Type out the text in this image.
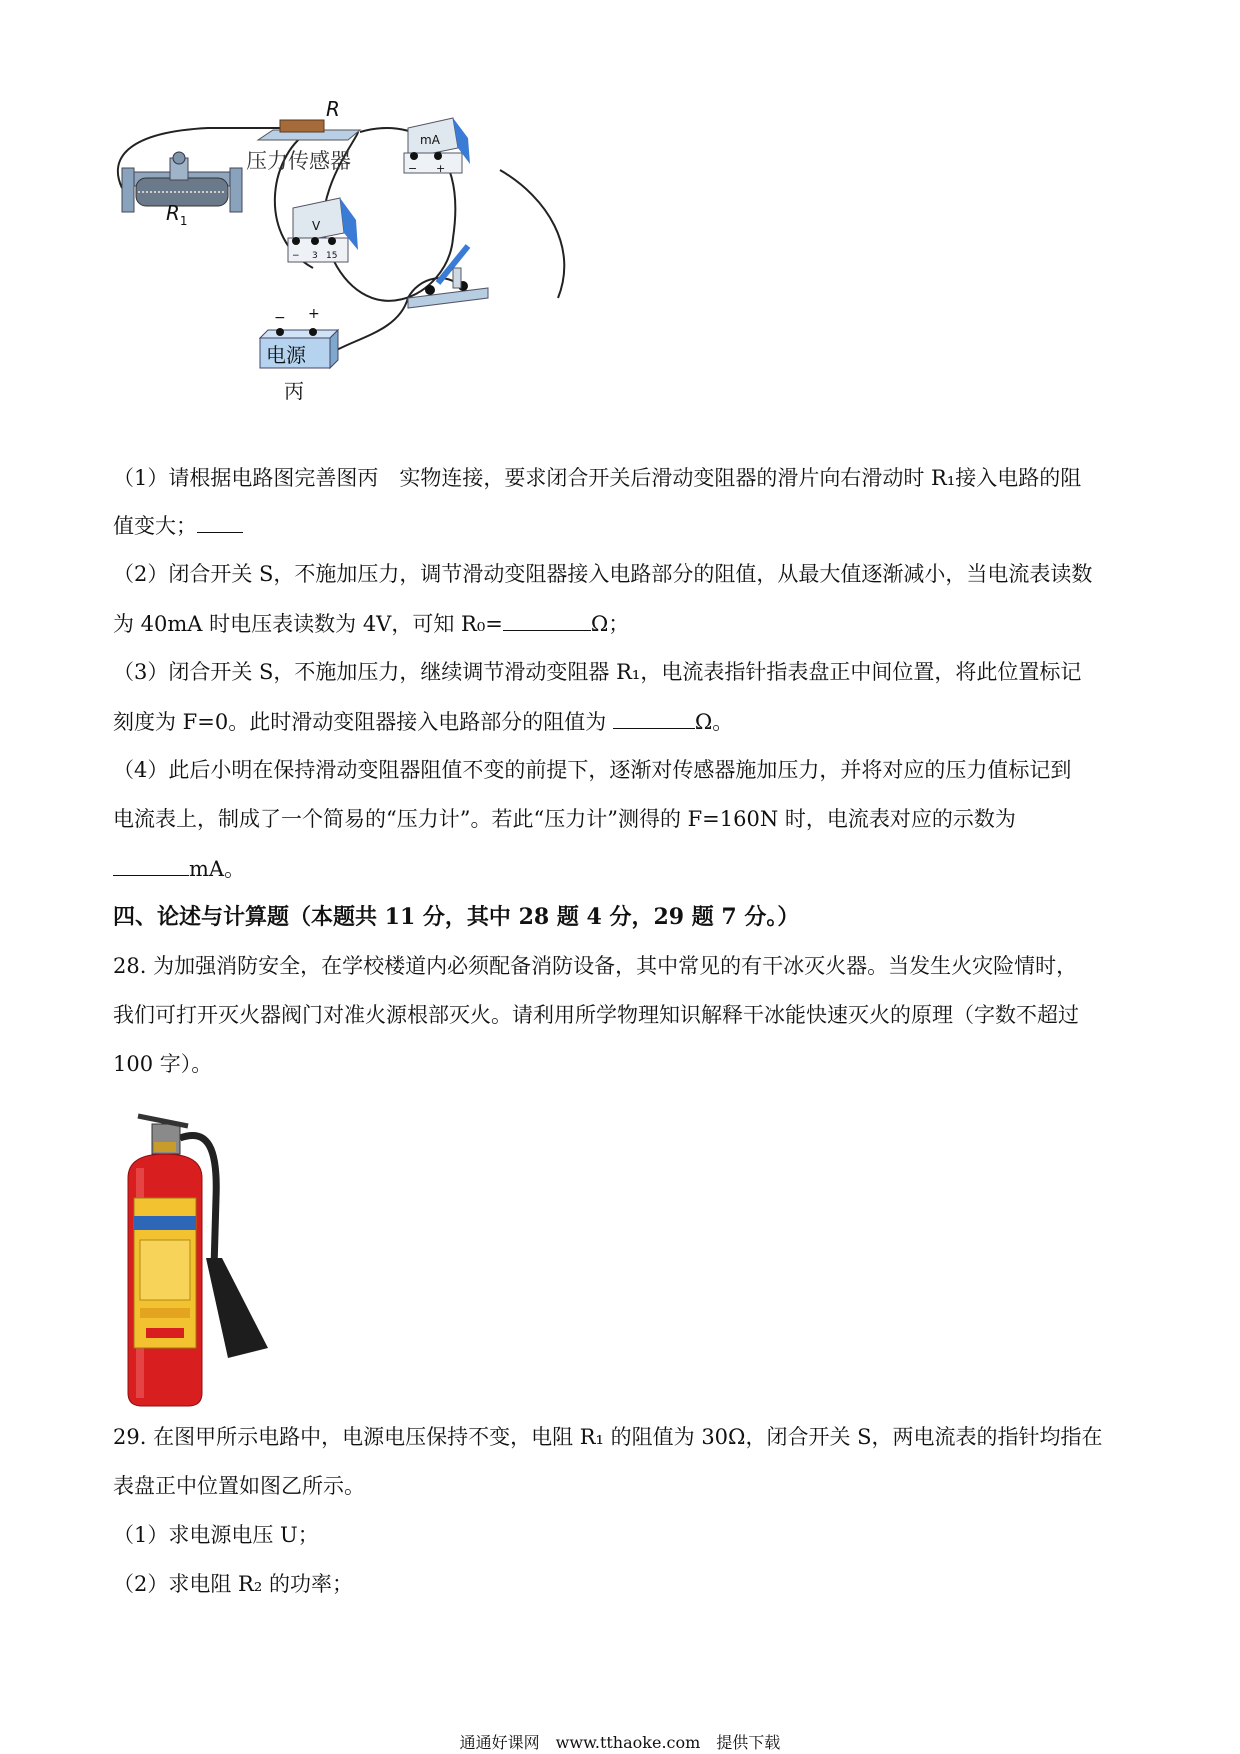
R
压力传感器
$R_1$
mA
− +
V
− 3 15
− +
电源
丙
（1）请根据电路图完善图丙　实物连接，要求闭合开关后滑动变阻器的滑片向右滑动时 R₁接入电路的阻
值变大；
（2）闭合开关 S，不施加压力，调节滑动变阻器接入电路部分的阻值，从最大值逐渐减小，当电流表读数
为 40mA 时电压表读数为 4V，可知 R₀=	Ω；
（3）闭合开关 S，不施加压力，继续调节滑动变阻器 R₁，电流表指针指表盘正中间位置，将此位置标记
刻度为 F=0。此时滑动变阻器接入电路部分的阻值为	Ω。
（4）此后小明在保持滑动变阻器阻值不变的前提下，逐渐对传感器施加压力，并将对应的压力值标记到
电流表上，制成了一个简易的“压力计”。若此“压力计”测得的 F=160N 时，电流表对应的示数为
mA。
四、论述与计算题（本题共 11 分，其中 28 题 4 分，29 题 7 分。）
28. 为加强消防安全，在学校楼道内必须配备消防设备，其中常见的有干冰灭火器。当发生火灾险情时，
我们可打开灭火器阀门对准火源根部灭火。请利用所学物理知识解释干冰能快速灭火的原理（字数不超过
100 字）。
29. 在图甲所示电路中，电源电压保持不变，电阻 R₁ 的阻值为 30Ω，闭合开关 S，两电流表的指针均指在
表盘正中位置如图乙所示。
（1）求电源电压 U；
（2）求电阻 R₂ 的功率；
通通好课网　www.tthaoke.com　提供下载
